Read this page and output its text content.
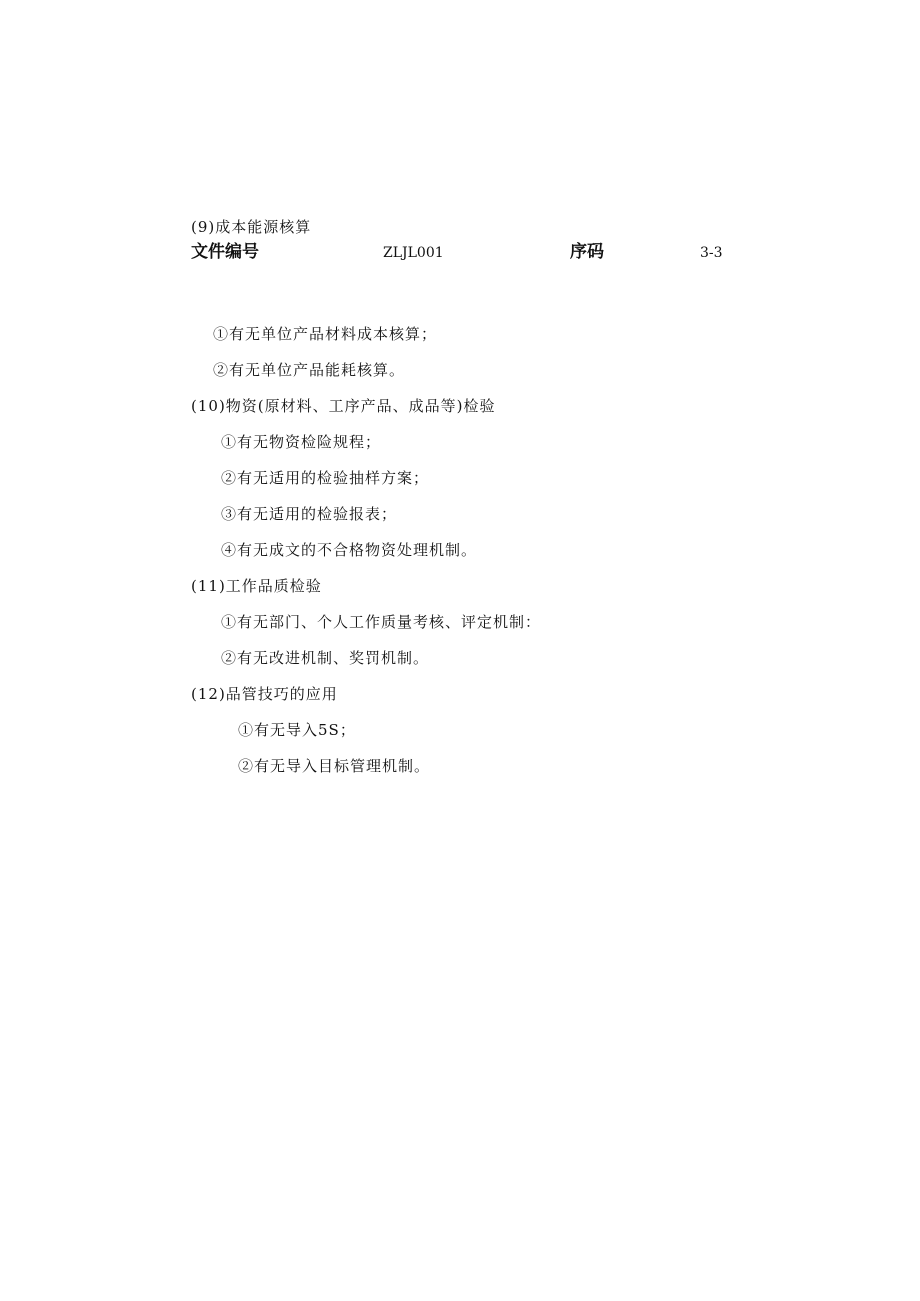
(9)成本能源核算
文件编号	ZLJL001	序码	3-3
①有无单位产品材料成本核算；
②有无单位产品能耗核算。
(10)物资(原材料、工序产品、成品等)检验
①有无物资检险规程；
②有无适用的检验抽样方案；
③有无适用的检验报表；
④有无成文的不合格物资处理机制。
(11)工作品质检验
①有无部门、个人工作质量考核、评定机制：
②有无改进机制、奖罚机制。
(12)品管技巧的应用
①有无导入5S；
②有无导入目标管理机制。
